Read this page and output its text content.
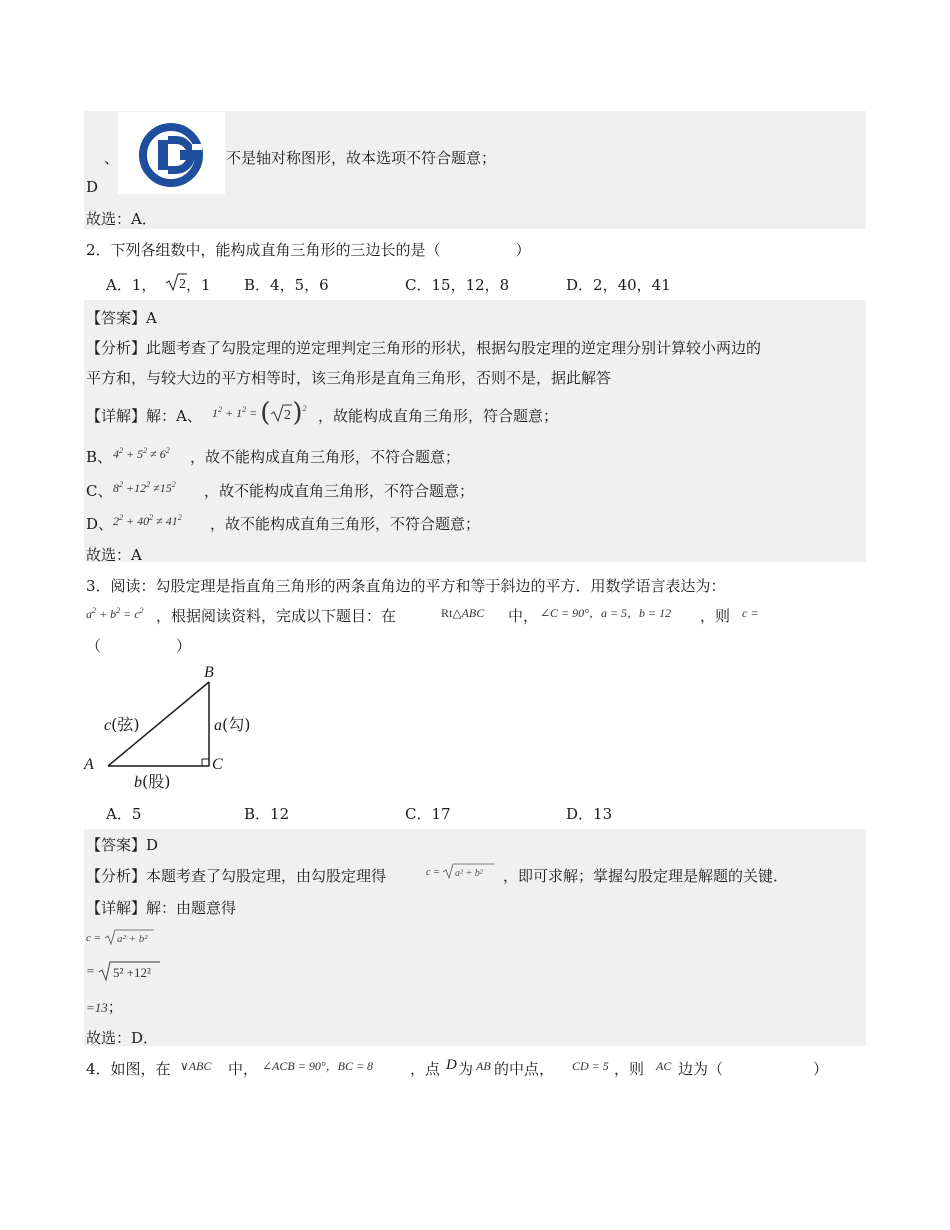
、	不是轴对称图形，故本选项不符合题意；
D
故选：A．
2．下列各组数中，能构成直角三角形的三边长的是（　　　　　）
A．1， 2 ，1 B．4，5，6	C．15，12，8	D．2，40，41
【答案】A
【分析】此题考查了勾股定理的逆定理判定三角形的形状，根据勾股定理的逆定理分别计算较小两边的
平方和，与较大边的平方相等时，该三角形是直角三角形，否则不是，据此解答
【详解】解：A、 $1^2 + 1^2$ = ( 2 )$^2$ ，故能构成直角三角形，符合题意；
B、 $4^2 + 5^2 \ne 6^2$ ，故不能构成直角三角形，不符合题意；
C、 $8^2 +12^2 \ne 15^2$ ，故不能构成直角三角形，不符合题意；
D、 $2^2 + 40^2 \ne 41^2$ ，故不能构成直角三角形，不符合题意；
故选：A
3．阅读：勾股定理是指直角三角形的两条直角边的平方和等于斜边的平方．用数学语言表达为：
$a^2 + b^2 = c^2$ ，根据阅读资料，完成以下题目：在	Rt△ABC 中， ∠C = 90°，a = 5，b = 12 ，则 c =
（　　　　　）
B
A	C
c(弦)	a(勾)
b(股)
A．5	B．12	C．17	D．13
【答案】D
【分析】本题考查了勾股定理，由勾股定理得	c = a² + b² ，即可求解；掌握勾股定理是解题的关键．
【详解】解：由题意得
c = a² + b²
= 5² +12²
=13；
故选：D．
4．如图，在 ∨ABC 中， ∠ACB = 90°，BC = 8 ，点 D 为 AB 的中点， CD = 5 ，则 AC 边为（　　　　　　）
